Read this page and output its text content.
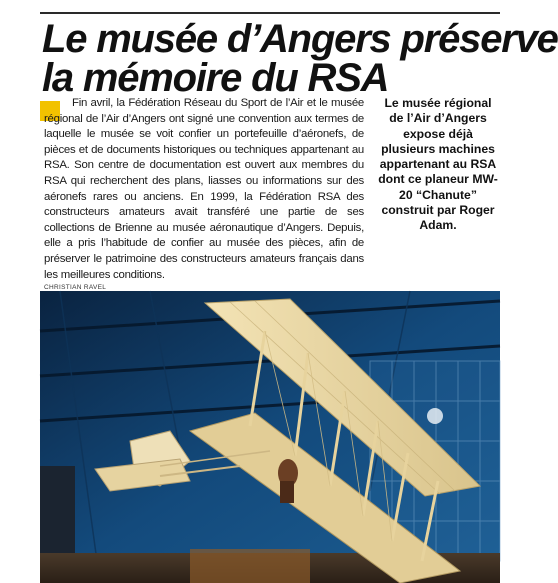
Le musée d’Angers préserve
la mémoire du RSA

Fin avril, la Fédération Réseau du Sport de l’Air et le musée régional de l’Air d’Angers ont signé une convention aux termes de laquelle le musée se voit confier un portefeuille d’aéronefs, de pièces et de documents historiques ou techniques appartenant au RSA. Son centre de documentation est ouvert aux membres du RSA qui recherchent des plans, liasses ou informations sur des aéronefs rares ou anciens. En 1999, la Fédération RSA des constructeurs amateurs avait transféré une partie de ses collections de Brienne au musée aéronautique d’Angers. Depuis, elle a pris l’habitude de confier au musée des pièces, afin de préserver le patrimoine des constructeurs amateurs français dans les meilleures conditions.

CHRISTIAN RAVEL
Le musée régional de l’Air d’Angers expose déjà plusieurs machines appartenant au RSA dont ce planeur MW-20 “Chanute” construit par Roger Adam.
